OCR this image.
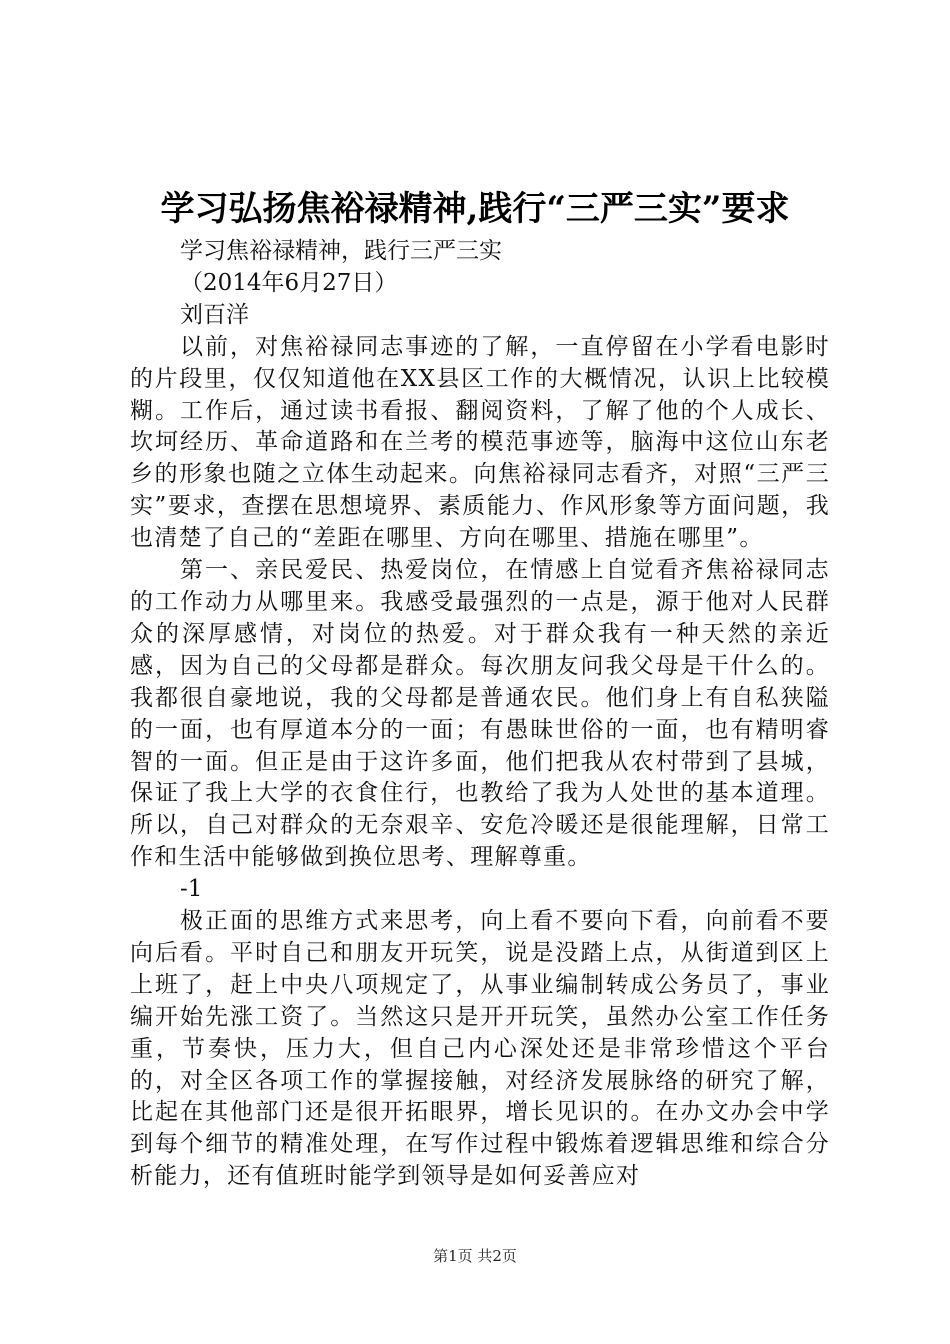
学习弘扬焦裕禄精神,践行“三严三实”要求
学习焦裕禄精神，践行三严三实
（2014年6月27日）
刘百洋

以前，对焦裕禄同志事迹的了解，一直停留在小学看电影时的片段里，仅仅知道他在XX县区工作的大概情况，认识上比较模糊。工作后，通过读书看报、翻阅资料，了解了他的个人成长、坎坷经历、革命道路和在兰考的模范事迹等，脑海中这位山东老乡的形象也随之立体生动起来。向焦裕禄同志看齐，对照“三严三实”要求，查摆在思想境界、素质能力、作风形象等方面问题，我也清楚了自己的“差距在哪里、方向在哪里、措施在哪里”。

第一、亲民爱民、热爱岗位，在情感上自觉看齐焦裕禄同志的工作动力从哪里来。我感受最强烈的一点是，源于他对人民群众的深厚感情，对岗位的热爱。对于群众我有一种天然的亲近感，因为自己的父母都是群众。每次朋友问我父母是干什么的。我都很自豪地说，我的父母都是普通农民。他们身上有自私狭隘的一面，也有厚道本分的一面；有愚昧世俗的一面，也有精明睿智的一面。但正是由于这许多面，他们把我从农村带到了县城，保证了我上大学的衣食住行，也教给了我为人处世的基本道理。所以，自己对群众的无奈艰辛、安危冷暖还是很能理解，日常工作和生活中能够做到换位思考、理解尊重。

-1

极正面的思维方式来思考，向上看不要向下看，向前看不要向后看。平时自己和朋友开玩笑，说是没踏上点，从街道到区上上班了，赶上中央八项规定了，从事业编制转成公务员了，事业编开始先涨工资了。当然这只是开开玩笑，虽然办公室工作任务重，节奏快，压力大，但自己内心深处还是非常珍惜这个平台的，对全区各项工作的掌握接触，对经济发展脉络的研究了解，比起在其他部门还是很开拓眼界，增长见识的。在办文办会中学到每个细节的精准处理，在写作过程中锻炼着逻辑思维和综合分析能力，还有值班时能学到领导是如何妥善应对

第1页 共2页
